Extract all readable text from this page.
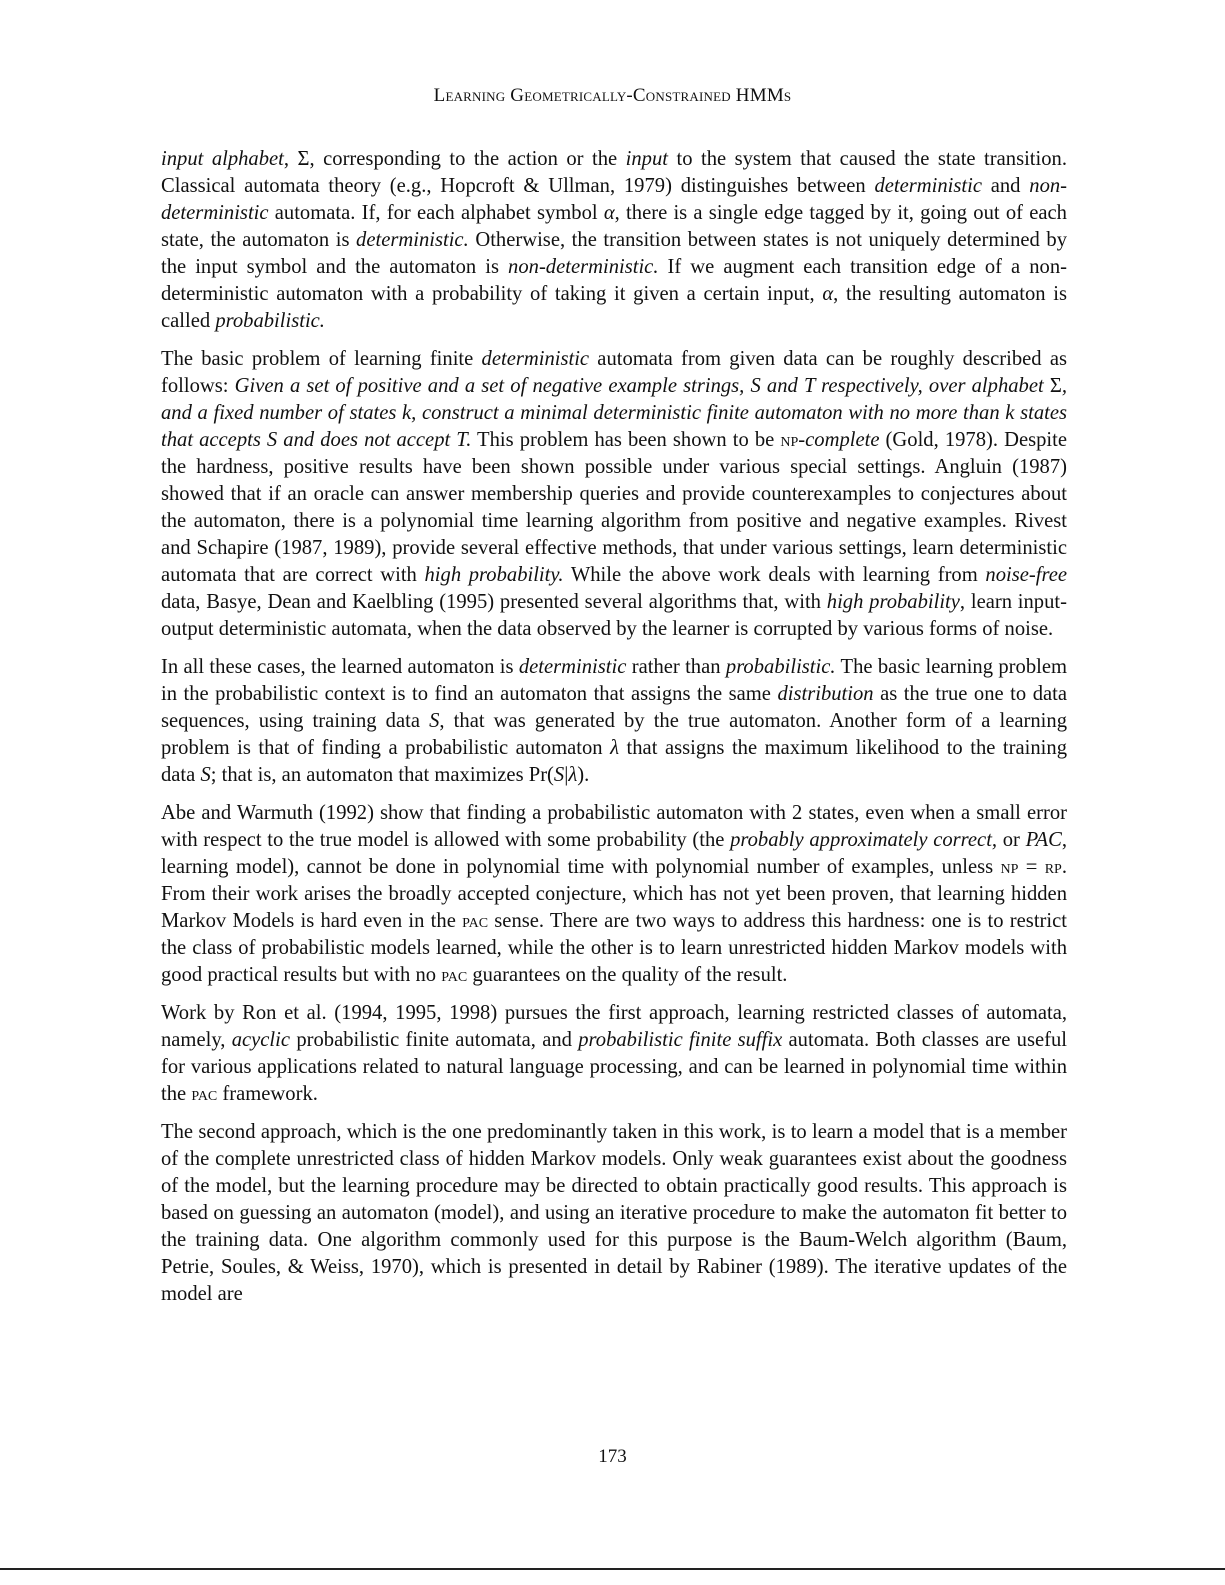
Learning Geometrically-Constrained HMMs

input alphabet, Σ, corresponding to the action or the input to the system that caused the state transition. Classical automata theory (e.g., Hopcroft & Ullman, 1979) distinguishes between deterministic and non-deterministic automata. If, for each alphabet symbol α, there is a single edge tagged by it, going out of each state, the automaton is deterministic. Otherwise, the transition between states is not uniquely determined by the input symbol and the automaton is non-deterministic. If we augment each transition edge of a non-deterministic automaton with a probability of taking it given a certain input, α, the resulting automaton is called probabilistic.

The basic problem of learning finite deterministic automata from given data can be roughly described as follows: Given a set of positive and a set of negative example strings, S and T respectively, over alphabet Σ, and a fixed number of states k, construct a minimal deterministic finite automaton with no more than k states that accepts S and does not accept T. This problem has been shown to be np-complete (Gold, 1978). Despite the hardness, positive results have been shown possible under various special settings. Angluin (1987) showed that if an oracle can answer membership queries and provide counterexamples to conjectures about the automaton, there is a polynomial time learning algorithm from positive and negative examples. Rivest and Schapire (1987, 1989), provide several effective methods, that under various settings, learn deterministic automata that are correct with high probability. While the above work deals with learning from noise-free data, Basye, Dean and Kaelbling (1995) presented several algorithms that, with high probability, learn input-output deterministic automata, when the data observed by the learner is corrupted by various forms of noise.

In all these cases, the learned automaton is deterministic rather than probabilistic. The basic learning problem in the probabilistic context is to find an automaton that assigns the same distribution as the true one to data sequences, using training data S, that was generated by the true automaton. Another form of a learning problem is that of finding a probabilistic automaton λ that assigns the maximum likelihood to the training data S; that is, an automaton that maximizes Pr(S|λ).

Abe and Warmuth (1992) show that finding a probabilistic automaton with 2 states, even when a small error with respect to the true model is allowed with some probability (the probably approximately correct, or PAC, learning model), cannot be done in polynomial time with polynomial number of examples, unless np = rp. From their work arises the broadly accepted conjecture, which has not yet been proven, that learning hidden Markov Models is hard even in the pac sense. There are two ways to address this hardness: one is to restrict the class of probabilistic models learned, while the other is to learn unrestricted hidden Markov models with good practical results but with no pac guarantees on the quality of the result.

Work by Ron et al. (1994, 1995, 1998) pursues the first approach, learning restricted classes of automata, namely, acyclic probabilistic finite automata, and probabilistic finite suffix automata. Both classes are useful for various applications related to natural language processing, and can be learned in polynomial time within the pac framework.

The second approach, which is the one predominantly taken in this work, is to learn a model that is a member of the complete unrestricted class of hidden Markov models. Only weak guarantees exist about the goodness of the model, but the learning procedure may be directed to obtain practically good results. This approach is based on guessing an automaton (model), and using an iterative procedure to make the automaton fit better to the training data. One algorithm commonly used for this purpose is the Baum-Welch algorithm (Baum, Petrie, Soules, & Weiss, 1970), which is presented in detail by Rabiner (1989). The iterative updates of the model are

173
